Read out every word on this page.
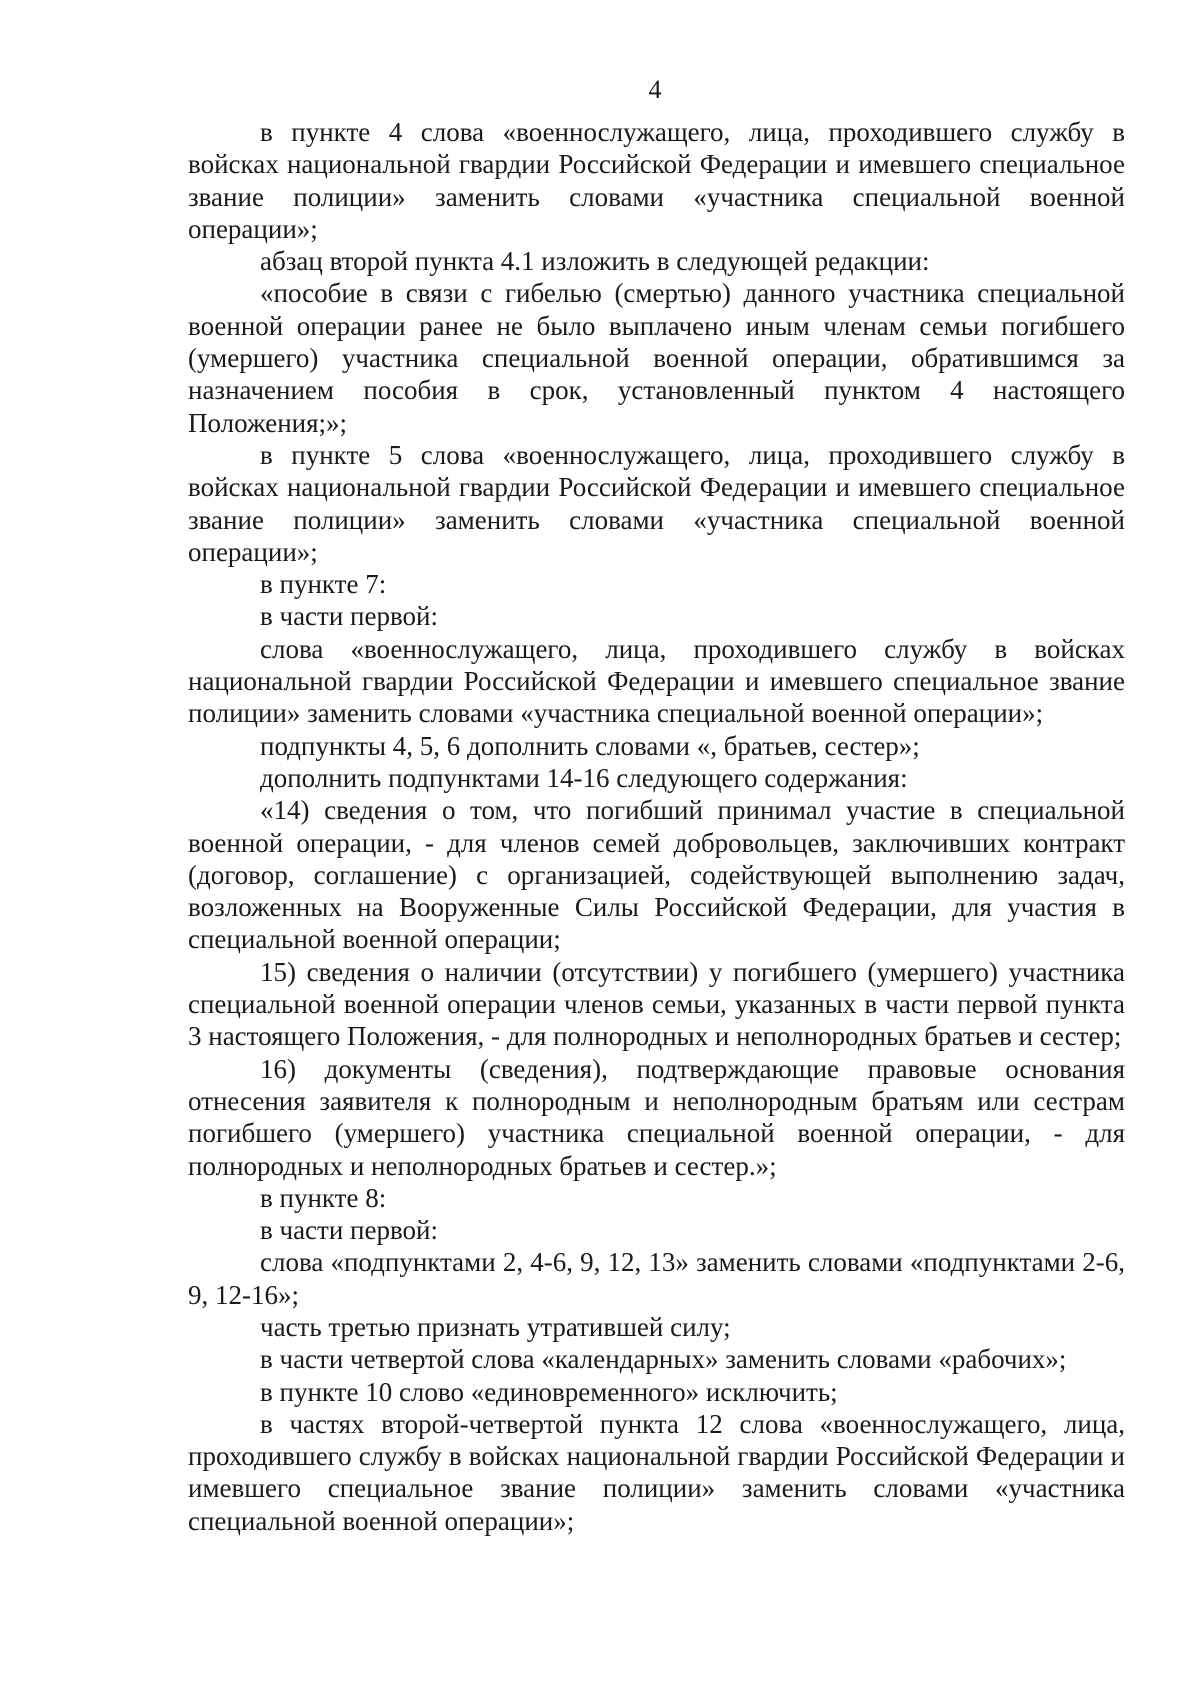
4

в пункте 4 слова «военнослужащего, лица, проходившего службу в войсках национальной гвардии Российской Федерации и имевшего специальное звание полиции» заменить словами «участника специальной военной операции»;

абзац второй пункта 4.1 изложить в следующей редакции:

«пособие в связи с гибелью (смертью) данного участника специальной военной операции ранее не было выплачено иным членам семьи погибшего (умершего) участника специальной военной операции, обратившимся за назначением пособия в срок, установленный пунктом 4 настоящего Положения;»;

в пункте 5 слова «военнослужащего, лица, проходившего службу в войсках национальной гвардии Российской Федерации и имевшего специальное звание полиции» заменить словами «участника специальной военной операции»;

в пункте 7:

в части первой:

слова «военнослужащего, лица, проходившего службу в войсках национальной гвардии Российской Федерации и имевшего специальное звание полиции» заменить словами «участника специальной военной операции»;

подпункты 4, 5, 6 дополнить словами «, братьев, сестер»;

дополнить подпунктами 14-16 следующего содержания:

«14) сведения о том, что погибший принимал участие в специальной военной операции, - для членов семей добровольцев, заключивших контракт (договор, соглашение) с организацией, содействующей выполнению задач, возложенных на Вооруженные Силы Российской Федерации, для участия в специальной военной операции;

15) сведения о наличии (отсутствии) у погибшего (умершего) участника специальной военной операции членов семьи, указанных в части первой пункта 3 настоящего Положения, - для полнородных и неполнородных братьев и сестер;

16) документы (сведения), подтверждающие правовые основания отнесения заявителя к полнородным и неполнородным братьям или сестрам погибшего (умершего) участника специальной военной операции, - для полнородных и неполнородных братьев и сестер.»;

в пункте 8:

в части первой:

слова «подпунктами 2, 4-6, 9, 12, 13» заменить словами «подпунктами 2-6, 9, 12-16»;

часть третью признать утратившей силу;

в части четвертой слова «календарных» заменить словами «рабочих»;

в пункте 10 слово «единовременного» исключить;

в частях второй-четвертой пункта 12 слова «военнослужащего, лица, проходившего службу в войсках национальной гвардии Российской Федерации и имевшего специальное звание полиции» заменить словами «участника специальной военной операции»;
